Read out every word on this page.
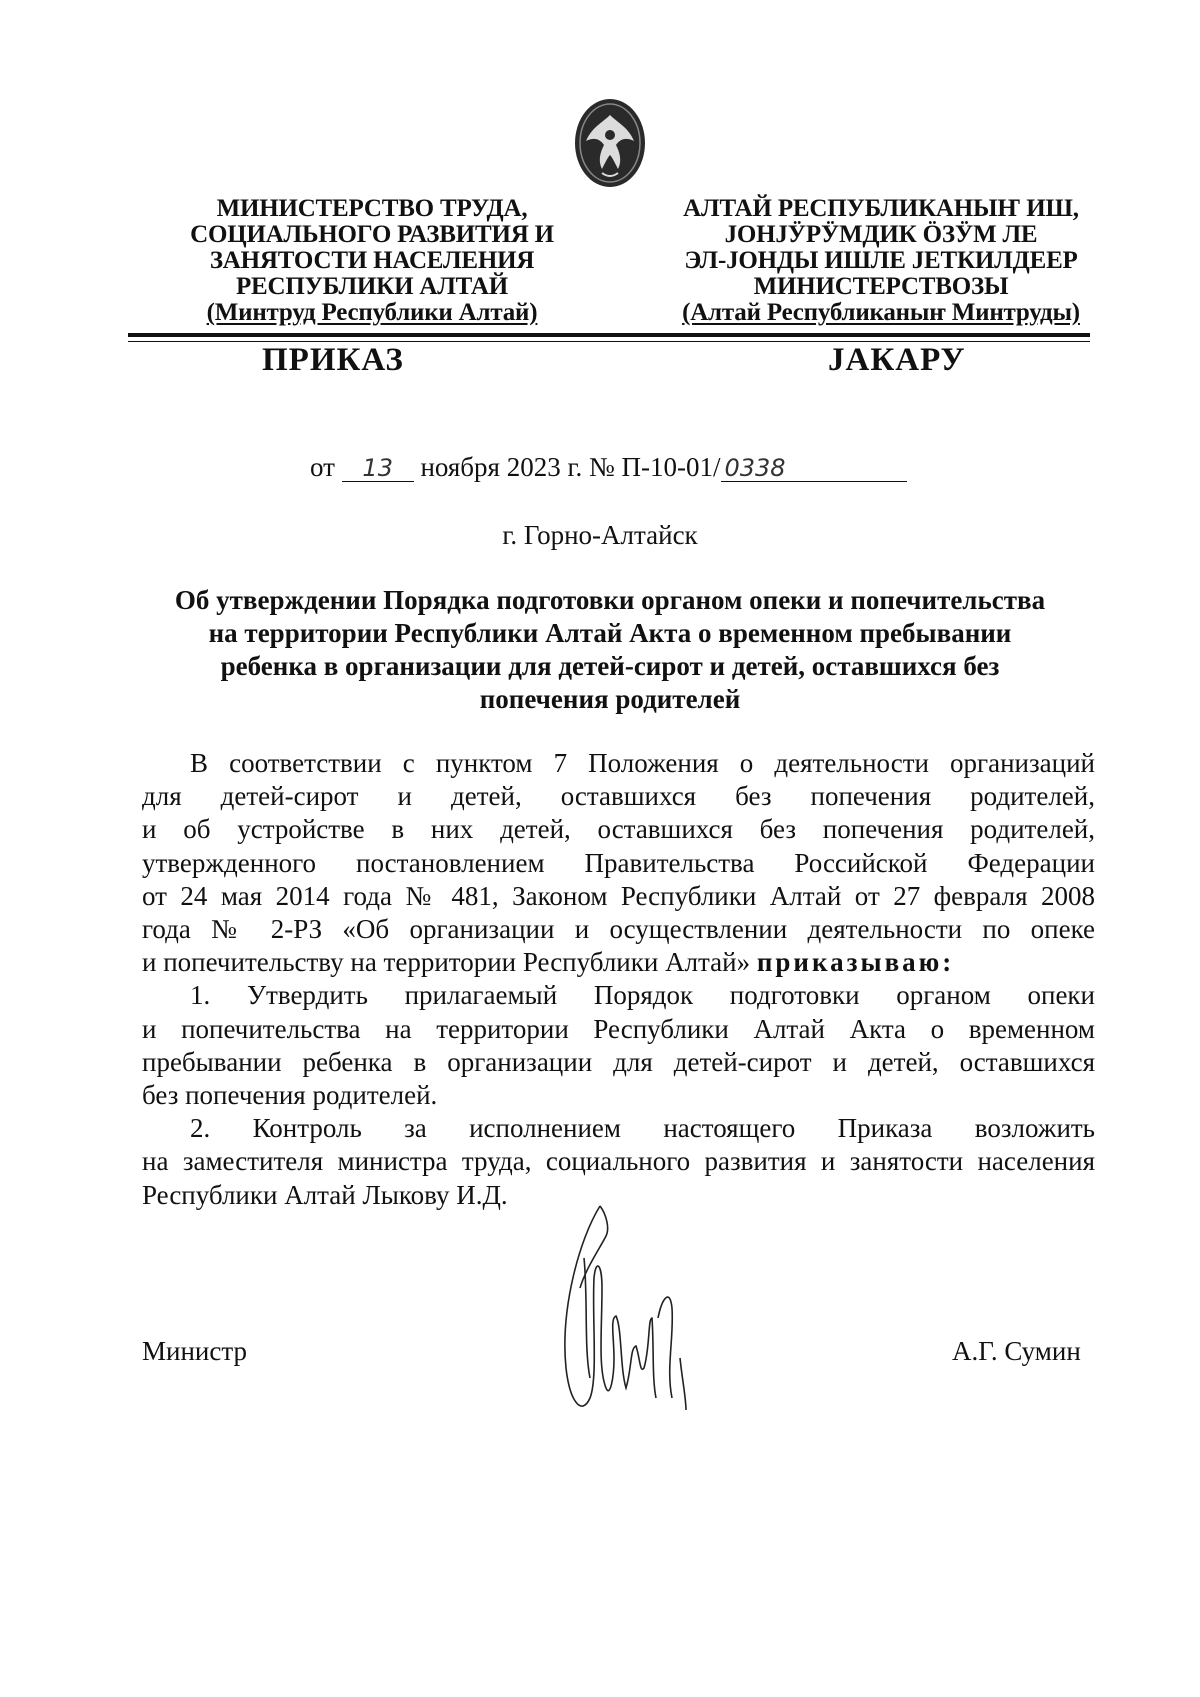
МИНИСТЕРСТВО ТРУДА,
СОЦИАЛЬНОГО РАЗВИТИЯ И
ЗАНЯТОСТИ НАСЕЛЕНИЯ
РЕСПУБЛИКИ АЛТАЙ
(Минтруд Республики Алтай)
АЛТАЙ РЕСПУБЛИКАНЫҤ ИШ,
ЈОНЈӰРӰМДИК ӦЗӰМ ЛЕ
ЭЛ-ЈОНДЫ ИШЛЕ ЈЕТКИЛДЕЕР
МИНИСТЕРСТВОЗЫ
(Алтай Республиканыҥ Минтруды)
ПРИКАЗ	ЈАКАРУ
от 13 ноября 2023 г. № П-10-01/ 0338
г. Горно-Алтайск
Об утверждении Порядка подготовки органом опеки и попечительства
на территории Республики Алтай Акта о временном пребывании
ребенка в организации для детей-сирот и детей, оставшихся без
попечения родителей

В соответствии с пунктом 7 Положения о деятельности организаций

для детей-сирот и детей, оставшихся без попечения родителей,

и об устройстве в них детей, оставшихся без попечения родителей,

утвержденного постановлением Правительства Российской Федерации

от 24 мая 2014 года № 481, Законом Республики Алтай от 27 февраля 2008

года № 2-РЗ «Об организации и осуществлении деятельности по опеке

и попечительству на территории Республики Алтай» приказываю:

1. Утвердить прилагаемый Порядок подготовки органом опеки

и попечительства на территории Республики Алтай Акта о временном

пребывании ребенка в организации для детей-сирот и детей, оставшихся

без попечения родителей.

2. Контроль за исполнением настоящего Приказа возложить

на заместителя министра труда, социального развития и занятости населения

Республики Алтай Лыкову И.Д.

Министр	А.Г. Сумин
